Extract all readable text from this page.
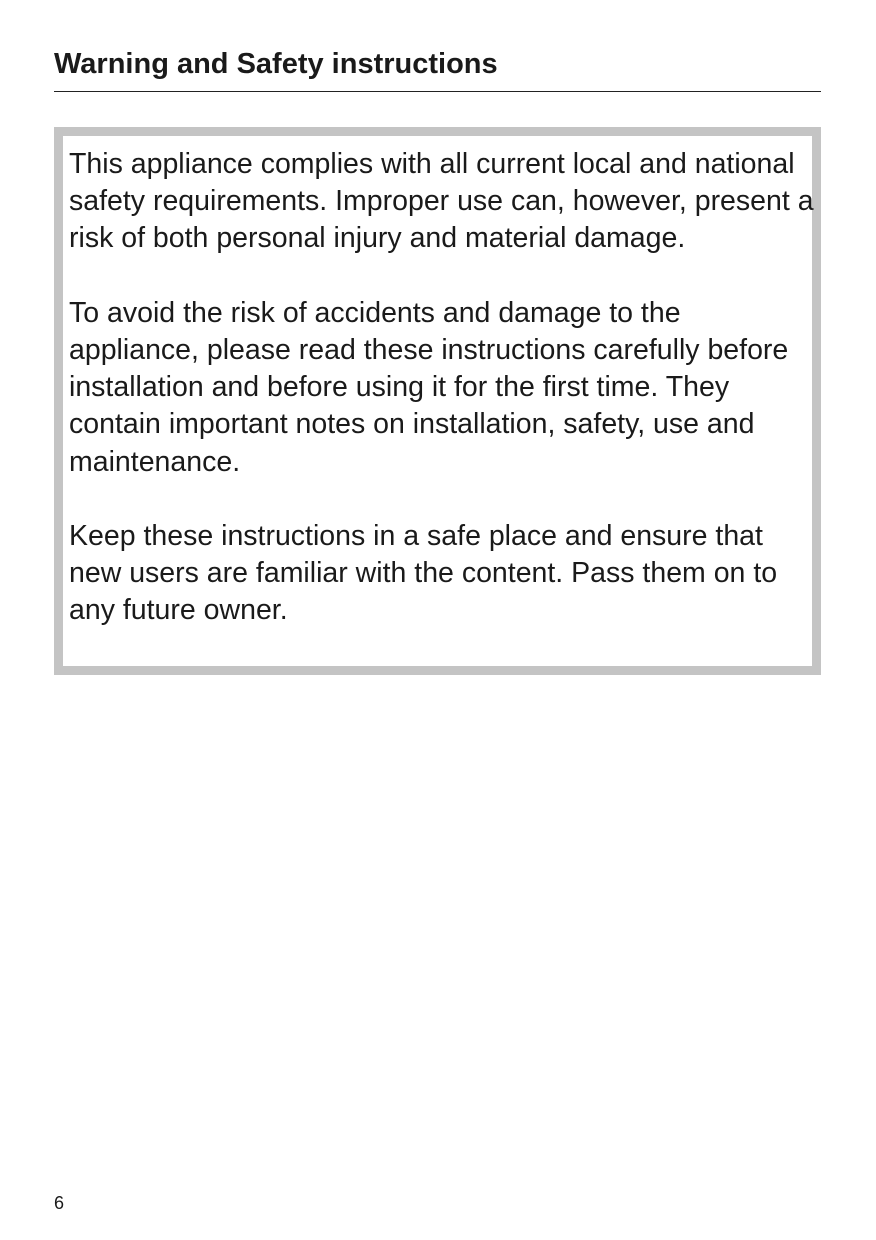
Warning and Safety instructions

This appliance complies with all current local and national safety requirements. Improper use can, however, present a risk of both personal injury and material damage.

To avoid the risk of accidents and damage to the appliance, please read these instructions carefully before installation and before using it for the first time. They contain important notes on installation, safety, use and maintenance.

Keep these instructions in a safe place and ensure that new users are familiar with the content. Pass them on to any future owner.

6
